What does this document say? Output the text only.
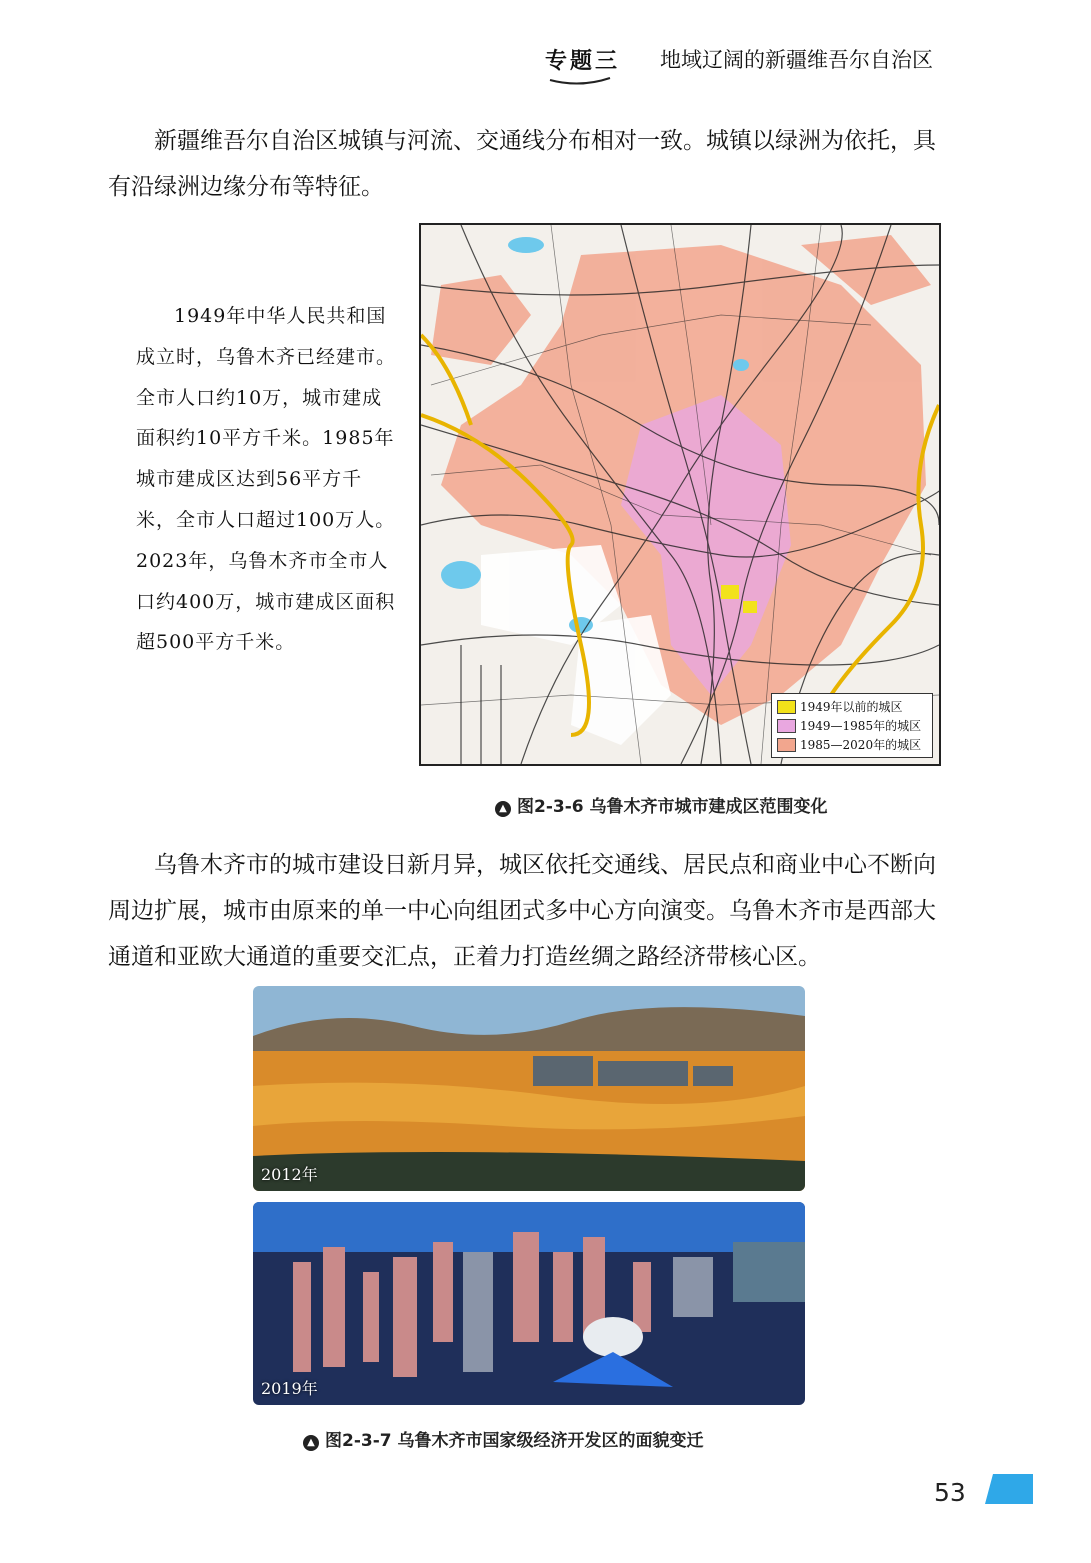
专题三 地域辽阔的新疆维吾尔自治区
新疆维吾尔自治区城镇与河流、交通线分布相对一致。城镇以绿洲为依托，具有沿绿洲边缘分布等特征。
1949年中华人民共和国成立时，乌鲁木齐已经建市。全市人口约10万，城市建成面积约10平方千米。1985年城市建成区达到56平方千米，全市人口超过100万人。2023年，乌鲁木齐市全市人口约400万，城市建成区面积超500平方千米。
1949年以前的城区
1949—1985年的城区
1985—2020年的城区
▲ 图2-3-6 乌鲁木齐市城市建成区范围变化
乌鲁木齐市的城市建设日新月异，城区依托交通线、居民点和商业中心不断向周边扩展，城市由原来的单一中心向组团式多中心方向演变。乌鲁木齐市是西部大通道和亚欧大通道的重要交汇点，正着力打造丝绸之路经济带核心区。
2012年
2019年
▲ 图2-3-7 乌鲁木齐市国家级经济开发区的面貌变迁
53
